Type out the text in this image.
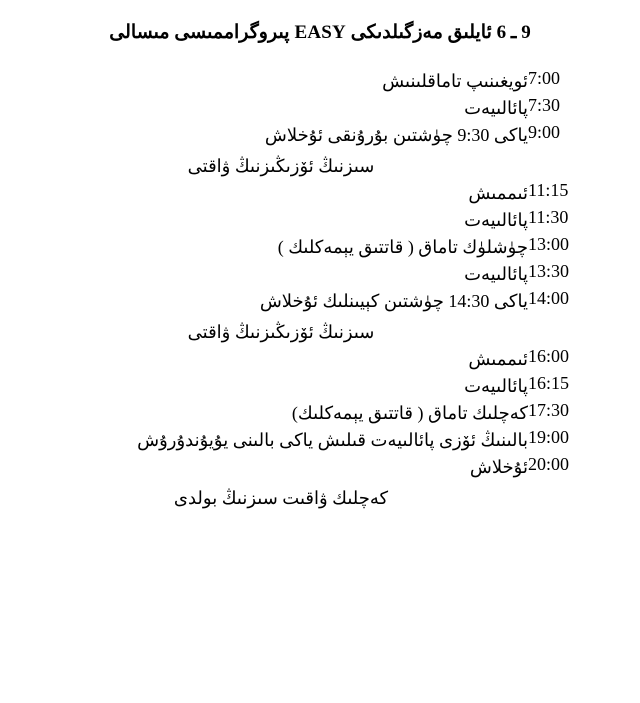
9 ـ 6 ئايلىق مەزگىلدىكى EASY پىروگراممىسى مىسالى
7:00	ئويغىنىپ تاماقلىنىش
7:30	پائالىيەت
9:00	ياكى 9:30 چۈشتىن بۇرۇنقى ئۇخلاش
سىزنىڭ ئۆزىڭىزنىڭ ۋاقتى

11:15	ئىممىش
11:30	پائالىيەت
13:00	چۈشلۈك تاماق ( قاتتىق يېمەكلىك )
13:30	پائالىيەت
14:00	ياكى 14:30 چۈشتىن كېيىنلىك ئۇخلاش
سىزنىڭ ئۆزىڭىزنىڭ ۋاقتى

16:00	ئىممىش
16:15	پائالىيەت
17:30	كەچلىك تاماق ( قاتتىق يېمەكلىك)
19:00	بالىنىڭ ئۆزى پائالىيەت قىلىش ياكى بالىنى يۇيۇندۇرۇش
20:00	ئۇخلاش
كەچلىك ۋاقىت سىزنىڭ بولدى
